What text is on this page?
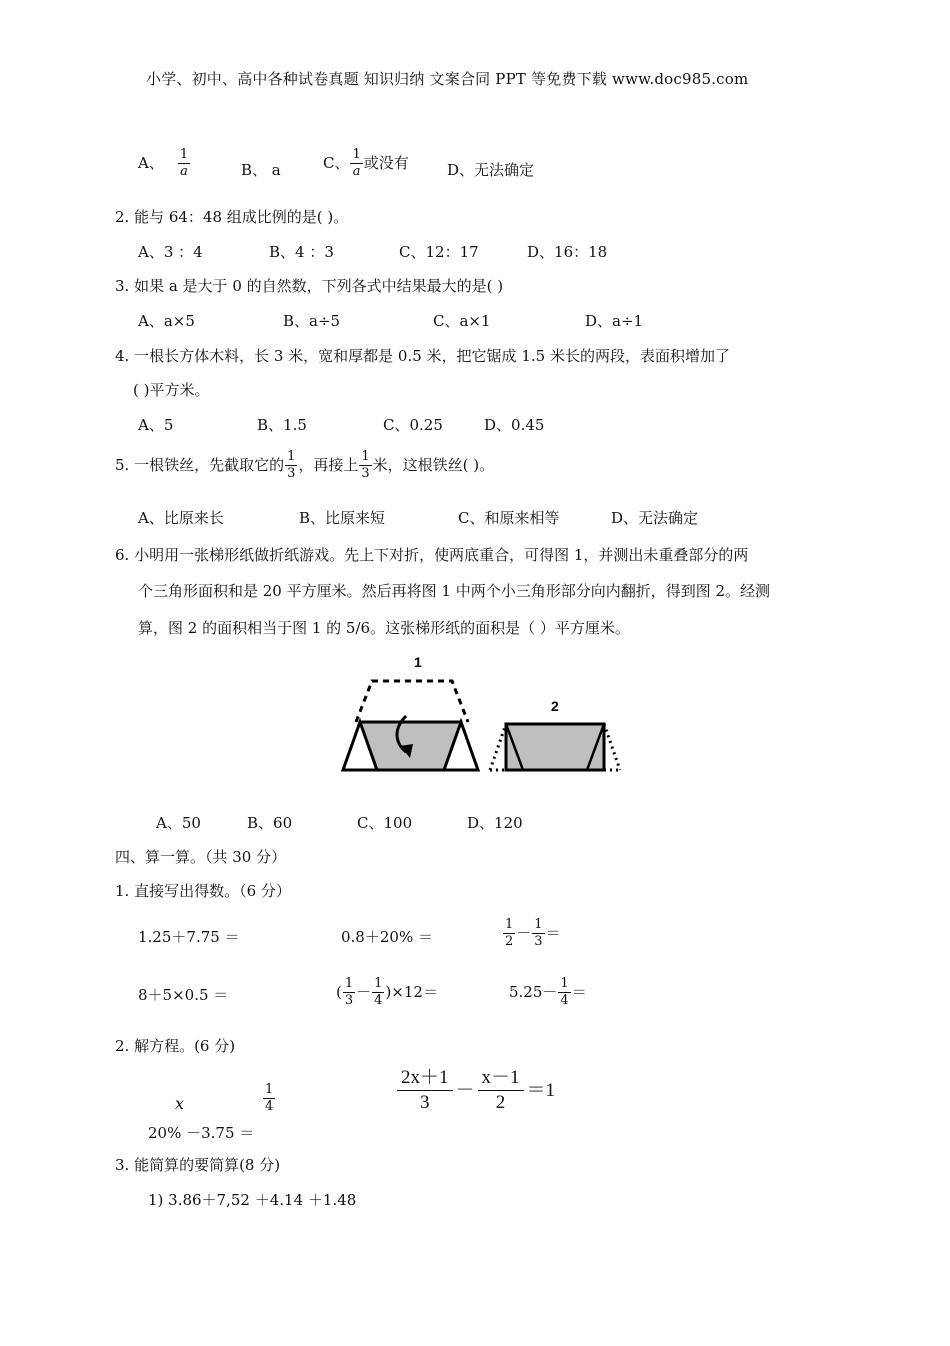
小学、初中、高中各种试卷真题 知识归纳 文案合同 PPT 等免费下载 www.doc985.com
A、 $\frac{1}{a}$	B、 a	C、 $\frac{1}{a}$ 或没有	D、无法确定
2. 能与 64：48 组成比例的是( )。
A、3 ：4	B、4 ：3	C、12：17	D、16：18
3. 如果 a 是大于 0 的自然数，下列各式中结果最大的是( )
A、a×5	B、a÷5	C、a×1	D、a÷1
4. 一根长方体木料，长 3 米，宽和厚都是 0.5 米，把它锯成 1.5 米长的两段，表面积增加了
( )平方米。
A、5	B、1.5	C、0.25	D、0.45
5. 一根铁丝，先截取它的 $\frac{1}{3}$ ，再接上 $\frac{1}{3}$ 米，这根铁丝( )。
A、比原来长	B、比原来短	C、和原来相等	D、无法确定
6. 小明用一张梯形纸做折纸游戏。先上下对折，使两底重合，可得图 1，并测出未重叠部分的两
个三角形面积和是 20 平方厘米。然后再将图 1 中两个小三角形部分向内翻折，得到图 2。经测
算，图 2 的面积相当于图 1 的 5/6。这张梯形纸的面积是（ ）平方厘米。
1
2
A、50	B、60	C、100	D、120
四、算一算。（共 30 分）
1. 直接写出得数。（6 分）
1.25＋7.75 ＝	0.8＋20% ＝	$\frac{1}{2} - \frac{1}{3}$ ＝
8＋5×0.5 ＝	( $\frac{1}{3} - \frac{1}{4} )\times 12=$	$5.25- \frac{1}{4}$ ＝
2. 解方程。(6 分)
x	$\frac{1}{4}$
20% －3.75 ＝
$\frac{2x+1}{3} - \frac{x-1}{2} =1$
3. 能简算的要简算(8 分)
1) 3.86＋7,52 ＋4.14 ＋1.48
